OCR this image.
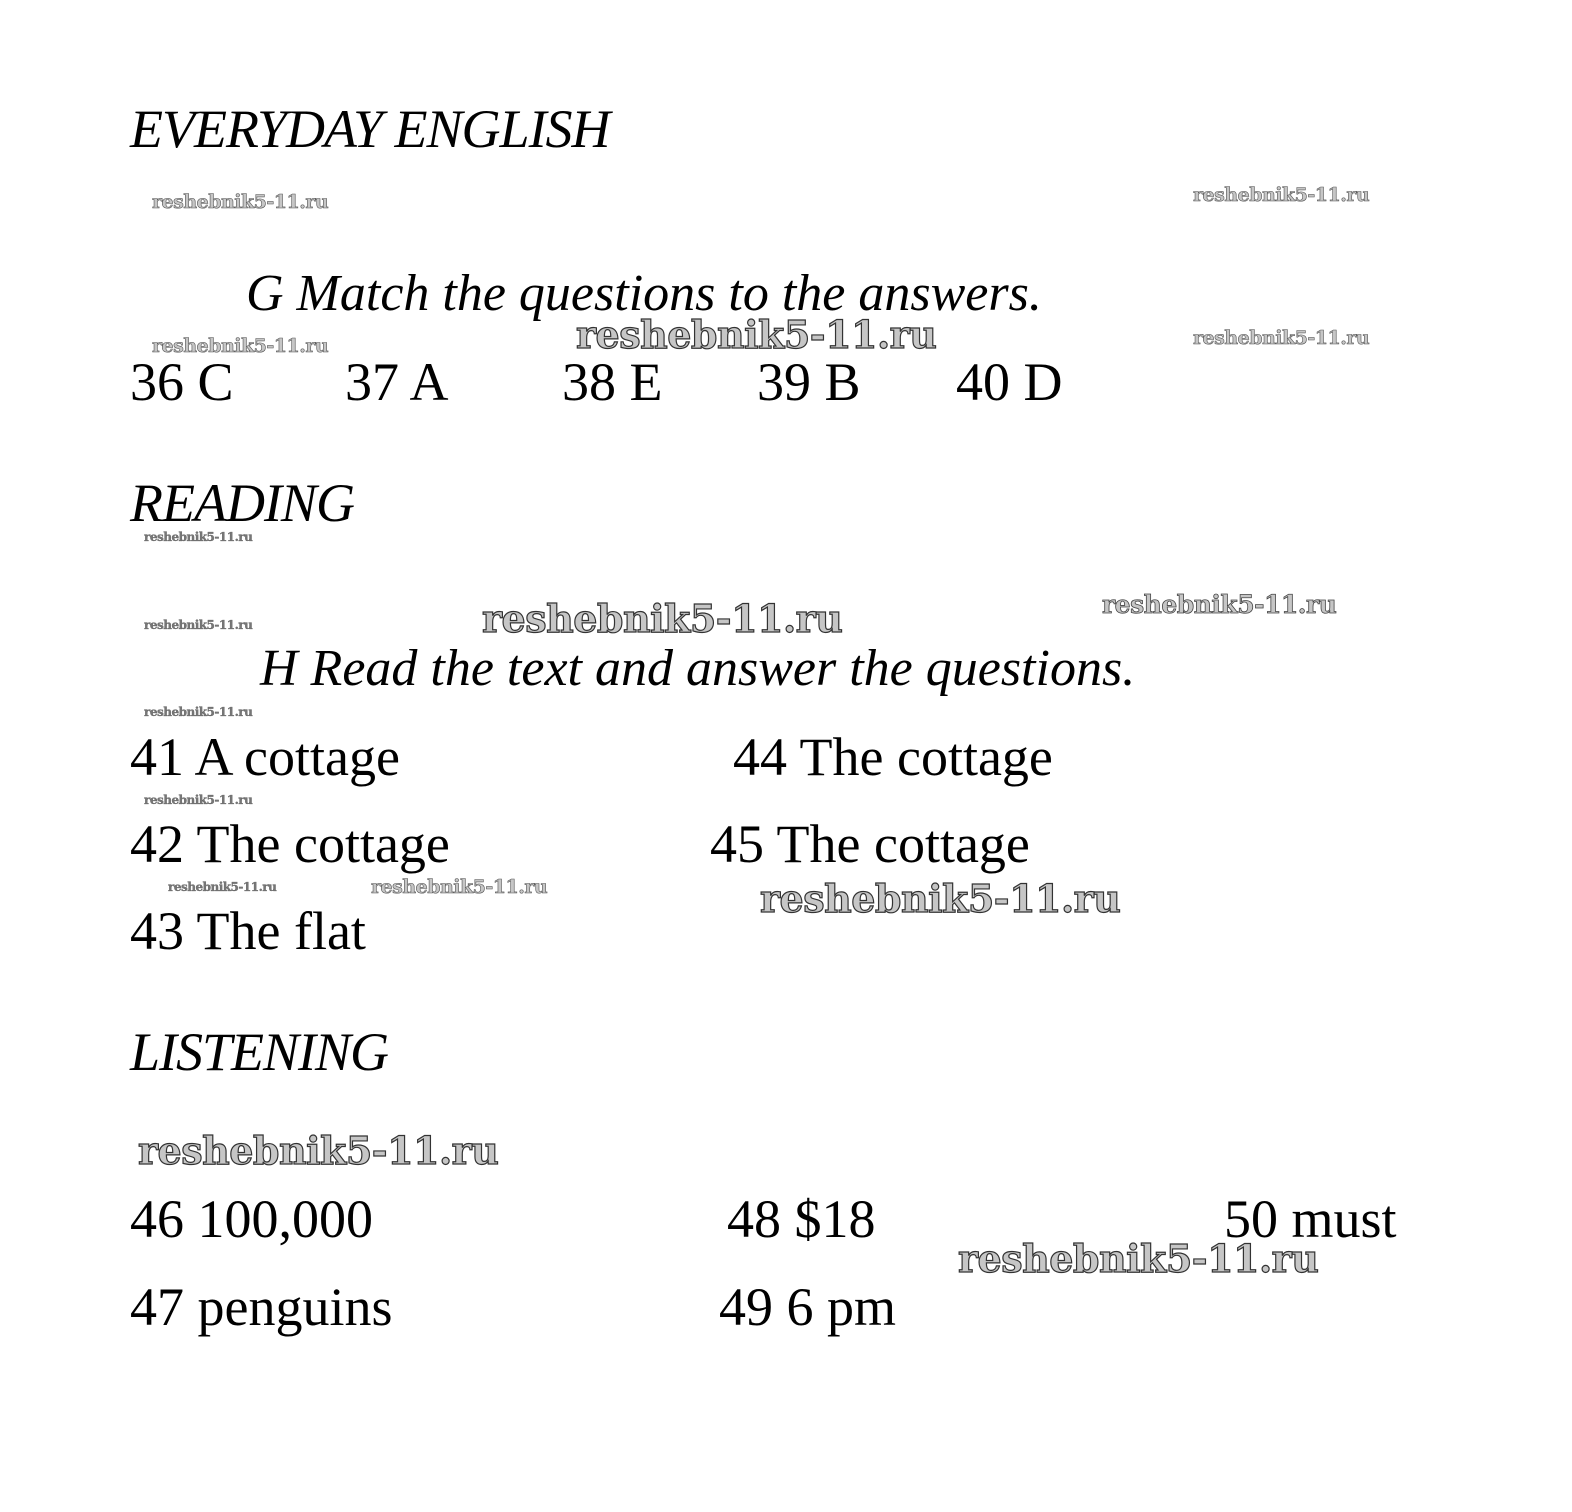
EVERYDAY ENGLISH
reshebnik5-11.ru	reshebnik5-11.ru
G Match the questions to the answers.
reshebnik5-11.ru
reshebnik5-11.ru	reshebnik5-11.ru
36 C 37 A 38 E 39 B 40 D
READING
reshebnik5-11.ru
reshebnik5-11.ru
reshebnik5-11.ru
reshebnik5-11.ru
H Read the text and answer the questions.
reshebnik5-11.ru
41 A cottage	44 The cottage
reshebnik5-11.ru
42 The cottage	45 The cottage
reshebnik5-11.ru	reshebnik5-11.ru	reshebnik5-11.ru
43 The flat
LISTENING
reshebnik5-11.ru
46 100,000	48 $18	50 must
reshebnik5-11.ru
47 penguins	49 6 pm
